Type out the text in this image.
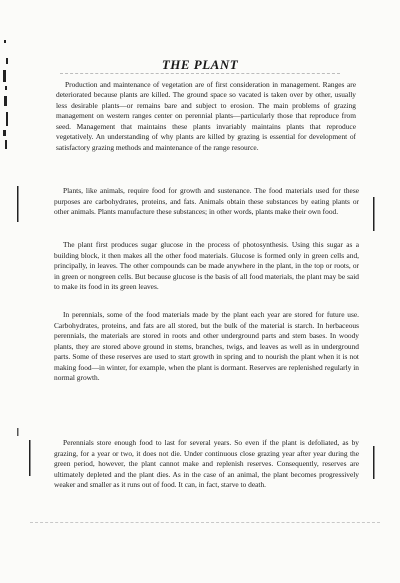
THE PLANT

Production and maintenance of vegetation are of first consideration in management. Ranges are deteriorated because plants are killed. The ground space so vacated is taken over by other, usually less desirable plants—or remains bare and subject to erosion. The main problems of grazing management on western ranges center on perennial plants—particularly those that reproduce from seed. Management that maintains these plants invariably maintains plants that reproduce vegetatively. An understanding of why plants are killed by grazing is essential for development of satisfactory grazing methods and maintenance of the range resource.

Plants, like animals, require food for growth and sustenance. The food materials used for these purposes are carbohydrates, proteins, and fats. Animals obtain these substances by eating plants or other animals. Plants manufacture these substances; in other words, plants make their own food.

The plant first produces sugar glucose in the process of photosynthesis. Using this sugar as a building block, it then makes all the other food materials. Glucose is formed only in green cells and, principally, in leaves. The other compounds can be made anywhere in the plant, in the top or roots, or in green or nongreen cells. But because glucose is the basis of all food materials, the plant may be said to make its food in its green leaves.

In perennials, some of the food materials made by the plant each year are stored for future use. Carbohydrates, proteins, and fats are all stored, but the bulk of the material is starch. In herbaceous perennials, the materials are stored in roots and other underground parts and stem bases. In woody plants, they are stored above ground in stems, branches, twigs, and leaves as well as in underground parts. Some of these reserves are used to start growth in spring and to nourish the plant when it is not making food—in winter, for example, when the plant is dormant. Reserves are replenished regularly in normal growth.

Perennials store enough food to last for several years. So even if the plant is defoliated, as by grazing, for a year or two, it does not die. Under continuous close grazing year after year during the green period, however, the plant cannot make and replenish reserves. Consequently, reserves are ultimately depleted and the plant dies. As in the case of an animal, the plant becomes progressively weaker and smaller as it runs out of food. It can, in fact, starve to death.
